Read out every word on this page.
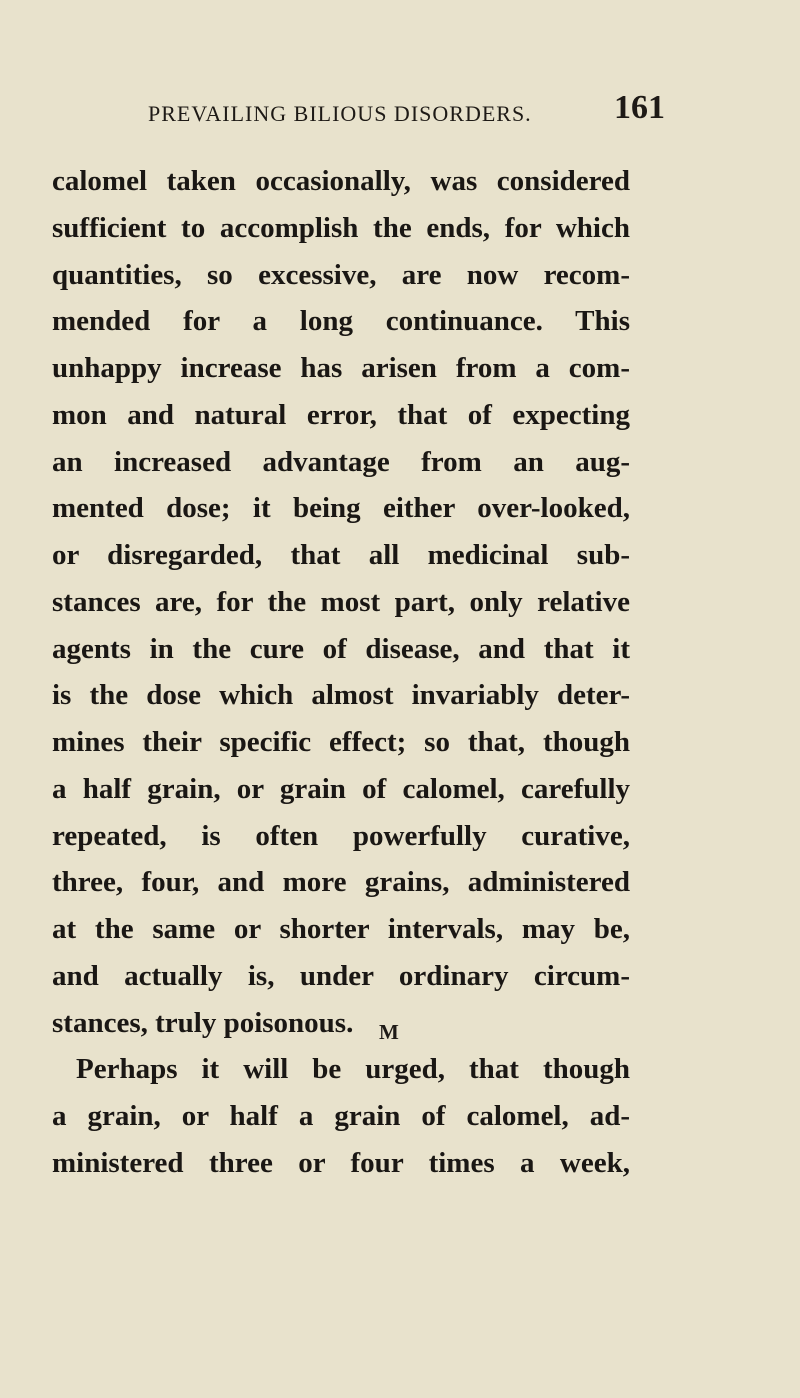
PREVAILING BILIOUS DISORDERS. 161
calomel taken occasionally, was considered
sufficient to accomplish the ends, for which
quantities, so excessive, are now recom-
mended for a long continuance. This
unhappy increase has arisen from a com-
mon and natural error, that of expecting
an increased advantage from an aug-
mented dose; it being either over-looked,
or disregarded, that all medicinal sub-
stances are, for the most part, only relative
agents in the cure of disease, and that it
is the dose which almost invariably deter-
mines their specific effect; so that, though
a half grain, or grain of calomel, carefully
repeated, is often powerfully curative,
three, four, and more grains, administered
at the same or shorter intervals, may be,
and actually is, under ordinary circum-
stances, truly poisonous.
Perhaps it will be urged, that though
a grain, or half a grain of calomel, ad-
ministered three or four times a week,
M
